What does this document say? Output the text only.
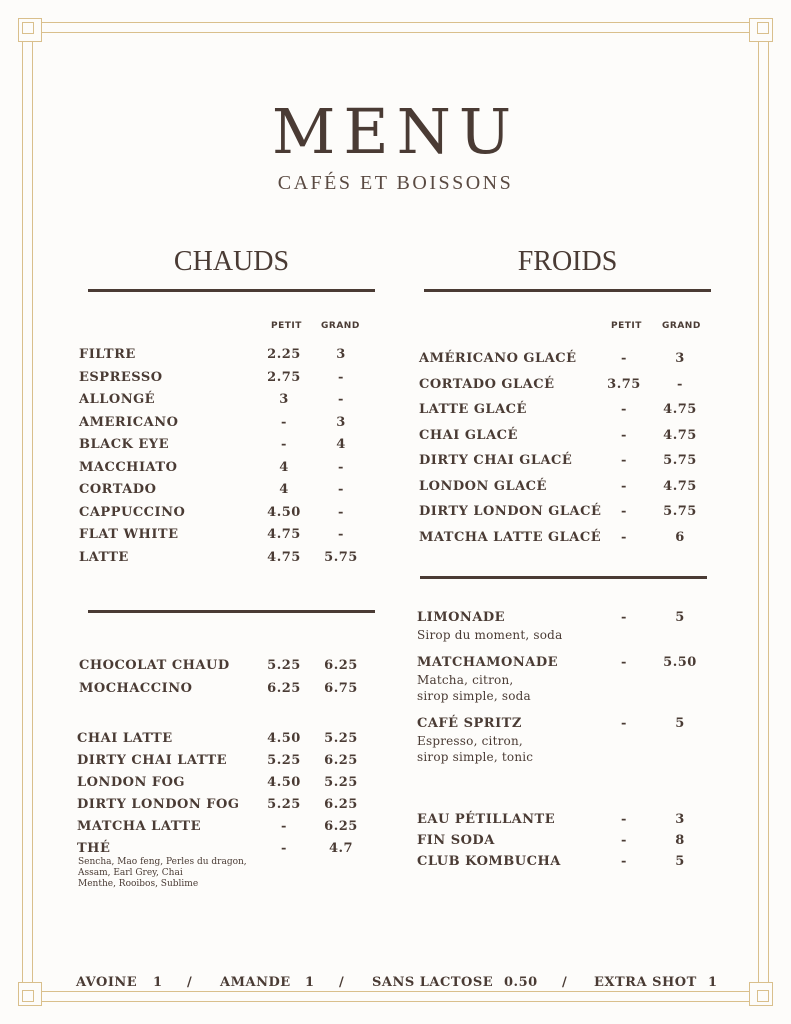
MENU
CAFÉS ET BOISSONS
CHAUDS
PETIT GRAND
FILTRE	2.25	3
ESPRESSO	2.75	-
ALLONGÉ	3	-
AMERICANO	-	3
BLACK EYE	-	4
MACCHIATO	4	-
CORTADO	4	-
CAPPUCCINO	4.50	-
FLAT WHITE	4.75	-
LATTE	4.75	5.75
CHOCOLAT CHAUD	5.25	6.25
MOCHACCINO	6.25	6.75
CHAI LATTE	4.50	5.25
DIRTY CHAI LATTE	5.25	6.25
LONDON FOG	4.50	5.25
DIRTY LONDON FOG	5.25	6.25
MATCHA LATTE	-	6.25
THÉ	-	4.7
Sencha, Mao feng, Perles du dragon,
Assam, Earl Grey, Chai
Menthe, Rooibos, Sublime
FROIDS
PETIT GRAND
AMÉRICANO GLACÉ	-	3
CORTADO GLACÉ	3.75	-
LATTE GLACÉ	-	4.75
CHAI GLACÉ	-	4.75
DIRTY CHAI GLACÉ	-	5.75
LONDON GLACÉ	-	4.75
DIRTY LONDON GLACÉ	-	5.75
MATCHA LATTE GLACÉ	-	6
LIMONADE	-	5
Sirop du moment, soda
MATCHAMONADE	-	5.50
Matcha, citron,
sirop simple, soda
CAFÉ SPRITZ	-	5
Espresso, citron,
sirop simple, tonic
EAU PÉTILLANTE	-	3
FIN SODA	-	8
CLUB KOMBUCHA	-	5
AVOINE 1 / AMANDE 1 / SANS LACTOSE 0.50 / EXTRA SHOT 1
